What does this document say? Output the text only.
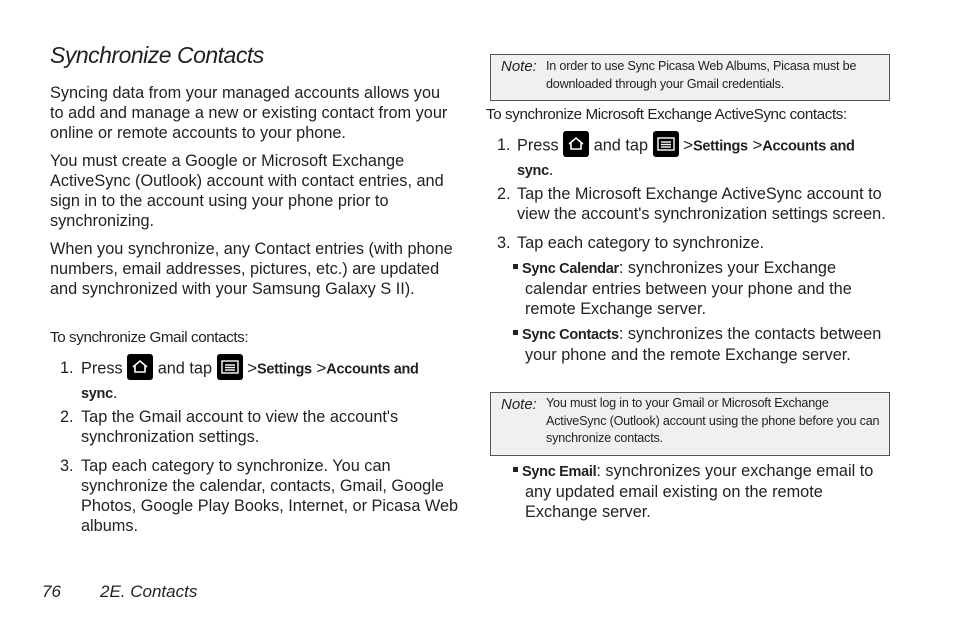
Synchronize Contacts

Syncing data from your managed accounts allows you to add and manage a new or existing contact from your online or remote accounts to your phone.

You must create a Google or Microsoft Exchange ActiveSync (Outlook) account with contact entries, and sign in to the account using your phone prior to synchronizing.

When you synchronize, any Contact entries (with phone numbers, email addresses, pictures, etc.) are updated and synchronized with your Samsung Galaxy S II).

To synchronize Gmail contacts:

1. Press and tap >Settings >Accounts and
sync.
2. Tap the Gmail account to view the account's synchronization settings.

3. Tap each category to synchronize. You can synchronize the calendar, contacts, Gmail, Google Photos, Google Play Books, Internet, or Picasa Web albums.

Note: In order to use Sync Picasa Web Albums, Picasa must be downloaded through your Gmail credentials.

To synchronize Microsoft Exchange ActiveSync contacts:

1. Press and tap >Settings >Accounts and
sync.
2. Tap the Microsoft Exchange ActiveSync account to view the account's synchronization settings screen.

3. Tap each category to synchronize.

Sync Calendar: synchronizes your Exchange calendar entries between your phone and the remote Exchange server.

Sync Contacts: synchronizes the contacts between your phone and the remote Exchange server.

Note: You must log in to your Gmail or Microsoft Exchange ActiveSync (Outlook) account using the phone before you can synchronize contacts.

Sync Email: synchronizes your exchange email to any updated email existing on the remote Exchange server.

76 2E. Contacts
